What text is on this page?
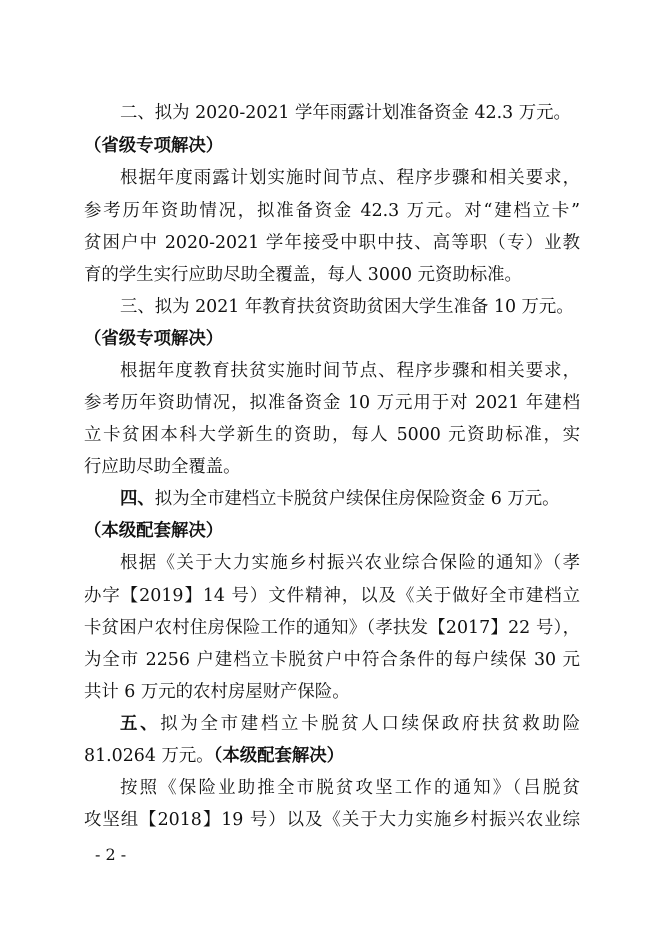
二、拟为 2020-2021 学年雨露计划准备资金 42.3 万元。
（省级专项解决）
根据年度雨露计划实施时间节点、程序步骤和相关要求，
参考历年资助情况，拟准备资金 42.3 万元。对“建档立卡”
贫困户中 2020-2021 学年接受中职中技、高等职（专）业教
育的学生实行应助尽助全覆盖，每人 3000 元资助标准。
三、拟为 2021 年教育扶贫资助贫困大学生准备 10 万元。
（省级专项解决）
根据年度教育扶贫实施时间节点、程序步骤和相关要求，
参考历年资助情况，拟准备资金 10 万元用于对 2021 年建档
立卡贫困本科大学新生的资助，每人 5000 元资助标准，实
行应助尽助全覆盖。
四、拟为全市建档立卡脱贫户续保住房保险资金 6 万元。
（本级配套解决）
根据《关于大力实施乡村振兴农业综合保险的通知》（孝
办字【2019】14 号）文件精神，以及《关于做好全市建档立
卡贫困户农村住房保险工作的通知》（孝扶发【2017】22 号），
为全市 2256 户建档立卡脱贫户中符合条件的每户续保 30 元
共计 6 万元的农村房屋财产保险。
五、拟为全市建档立卡脱贫人口续保政府扶贫救助险
81.0264 万元。（本级配套解决）
按照《保险业助推全市脱贫攻坚工作的通知》（吕脱贫
攻坚组【2018】19 号）以及《关于大力实施乡村振兴农业综
- 2 -
